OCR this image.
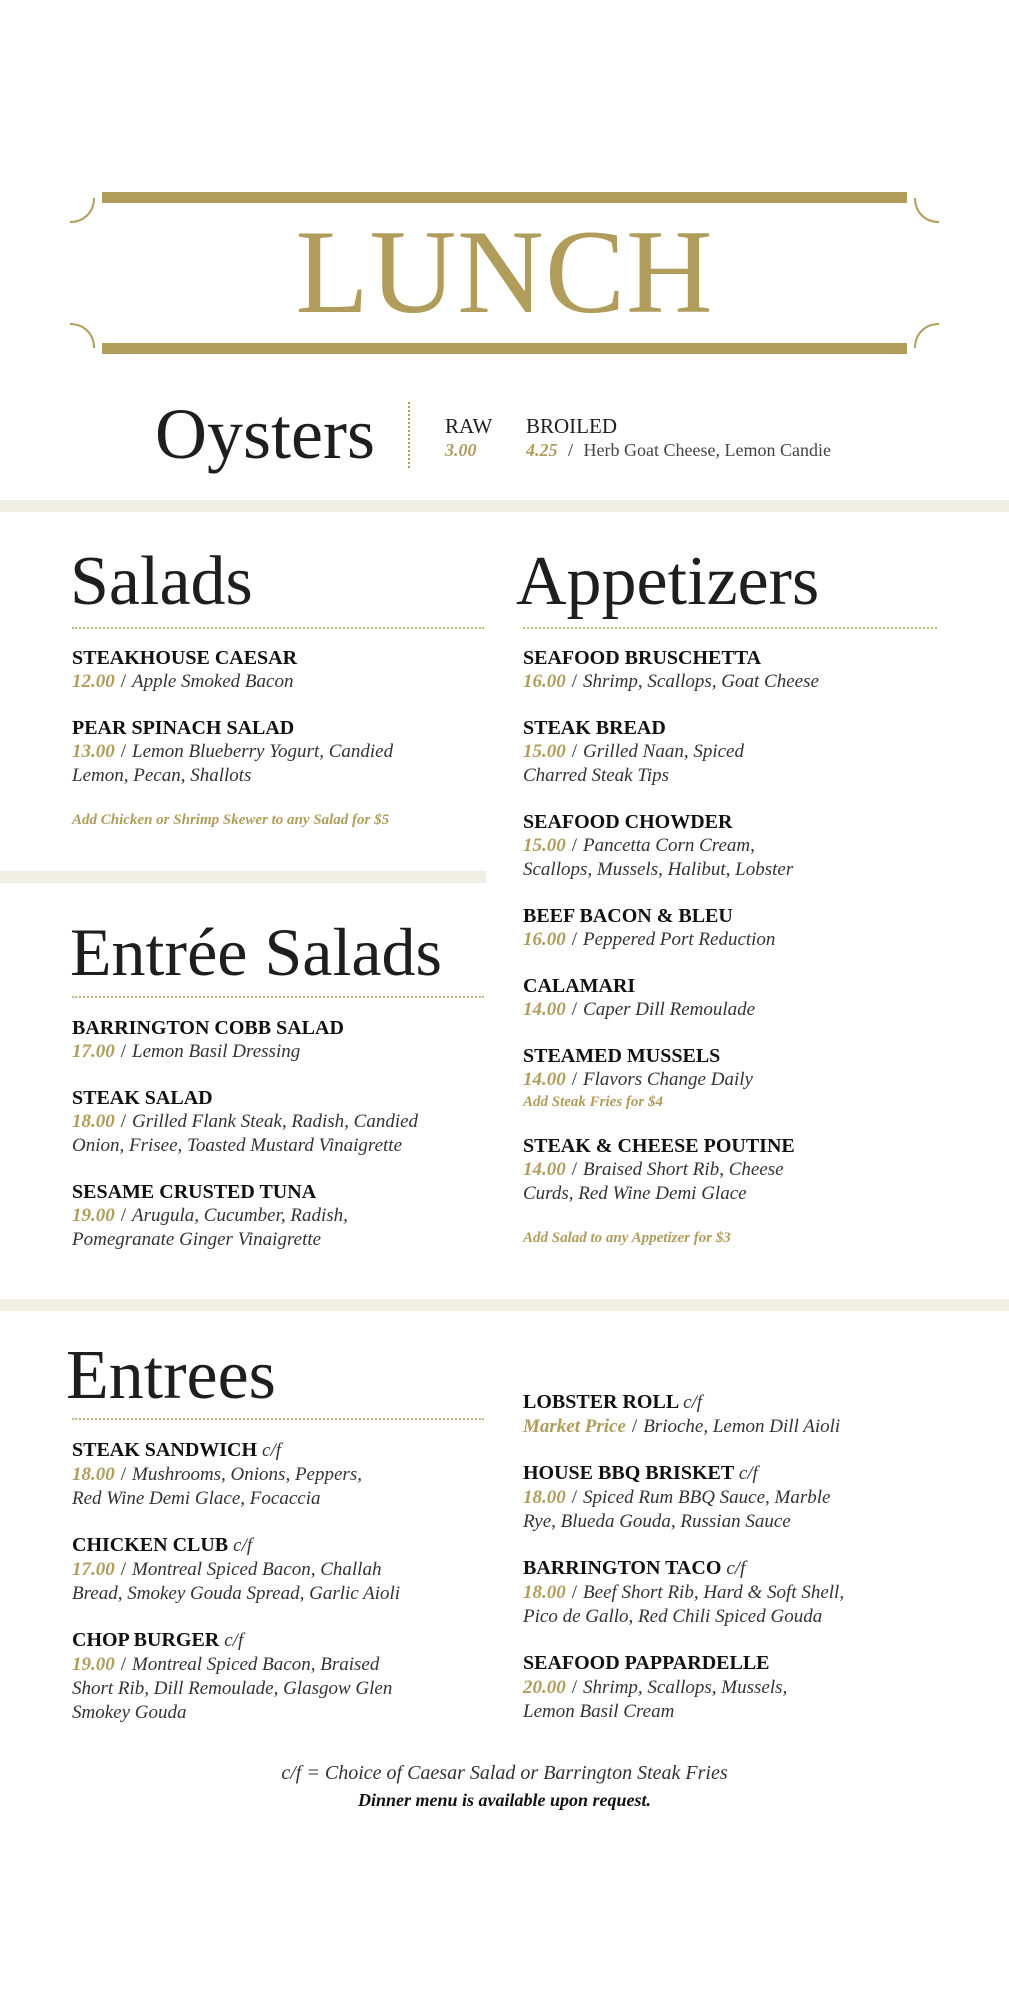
LUNCH
Oysters	RAW
3.00
BROILED
4.25 / Herb Goat Cheese, Lemon Candie
Salads
STEAKHOUSE CAESAR
12.00 / Apple Smoked Bacon
PEAR SPINACH SALAD
13.00 / Lemon Blueberry Yogurt, Candied
Lemon, Pecan, Shallots
Add Chicken or Shrimp Skewer to any Salad for $5
Entrée Salads
BARRINGTON COBB SALAD
17.00 / Lemon Basil Dressing
STEAK SALAD
18.00 / Grilled Flank Steak, Radish, Candied
Onion, Frisee, Toasted Mustard Vinaigrette
SESAME CRUSTED TUNA
19.00 / Arugula, Cucumber, Radish,
Pomegranate Ginger Vinaigrette
Appetizers
SEAFOOD BRUSCHETTA
16.00 / Shrimp, Scallops, Goat Cheese
STEAK BREAD
15.00 / Grilled Naan, Spiced
Charred Steak Tips
SEAFOOD CHOWDER
15.00 / Pancetta Corn Cream,
Scallops, Mussels, Halibut, Lobster
BEEF BACON & BLEU
16.00 / Peppered Port Reduction
CALAMARI
14.00 / Caper Dill Remoulade
STEAMED MUSSELS
14.00 / Flavors Change Daily
Add Steak Fries for $4
STEAK & CHEESE POUTINE
14.00 / Braised Short Rib, Cheese
Curds, Red Wine Demi Glace
Add Salad to any Appetizer for $3
Entrees
STEAK SANDWICH c/f
18.00 / Mushrooms, Onions, Peppers,
Red Wine Demi Glace, Focaccia
CHICKEN CLUB c/f
17.00 / Montreal Spiced Bacon, Challah
Bread, Smokey Gouda Spread, Garlic Aioli
CHOP BURGER c/f
19.00 / Montreal Spiced Bacon, Braised
Short Rib, Dill Remoulade, Glasgow Glen
Smokey Gouda
LOBSTER ROLL c/f
Market Price / Brioche, Lemon Dill Aioli
HOUSE BBQ BRISKET c/f
18.00 / Spiced Rum BBQ Sauce, Marble
Rye, Blueda Gouda, Russian Sauce
BARRINGTON TACO c/f
18.00 / Beef Short Rib, Hard & Soft Shell,
Pico de Gallo, Red Chili Spiced Gouda
SEAFOOD PAPPARDELLE
20.00 / Shrimp, Scallops, Mussels,
Lemon Basil Cream
c/f = Choice of Caesar Salad or Barrington Steak Fries
Dinner menu is available upon request.
